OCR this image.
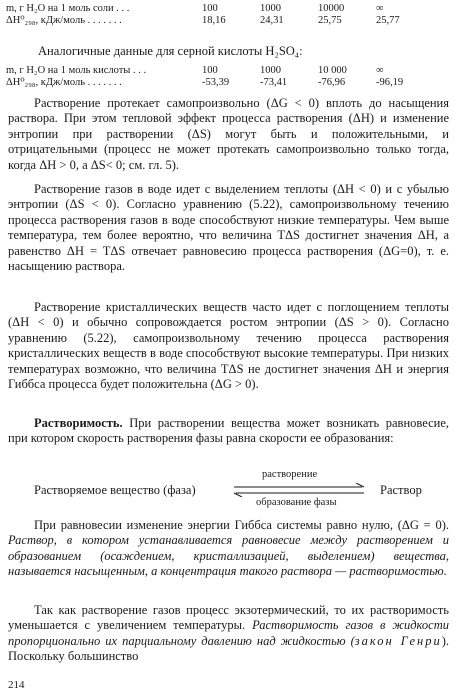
m, г H₂O на 1 моль соли . . .	100	1000	10000	∞
ΔH⁰₂₉₈, кДж/моль . . . . . . .	18,16	24,31	25,75	25,77
Аналогичные данные для серной кислоты H₂SO₄:
m, г H₂O на 1 моль кислоты . . .	100	1000	10 000	∞
ΔH⁰₂₉₈, кДж/моль . . . . . . .	-53,39	-73,41	-76,96	-96,19

Растворение протекает самопроизвольно (ΔG < 0) вплоть до насыщения раствора. При этом тепловой эффект процесса растворения (ΔH) и изменение энтропии при растворении (ΔS) могут быть и положительными, и отрицательными (процесс не может протекать самопроизвольно только тогда, когда ΔH > 0, а ΔS< 0; см. гл. 5).

Растворение газов в воде идет с выделением теплоты (ΔH < 0) и с убылью энтропии (ΔS < 0). Согласно уравнению (5.22), самопроизвольному течению процесса растворения газов в воде способствуют низкие температуры. Чем выше температура, тем более вероятно, что величина TΔS достигнет значения ΔH, а равенство ΔH = TΔS отвечает равновесию процесса растворения (ΔG=0), т. е. насыщению раствора.

Растворение кристаллических веществ часто идет с поглощением теплоты (ΔH < 0) и обычно сопровождается ростом энтропии (ΔS > 0). Согласно уравнению (5.22), самопроизвольному течению процесса растворения кристаллических веществ в воде способствуют высокие температуры. При низких температурах возможно, что величина TΔS не достигнет значения ΔH и энергия Гиббса процесса будет положительна (ΔG > 0).

Растворимость. При растворении вещества может возникать равновесие, при котором скорость растворения фазы равна скорости ее образования:

Растворяемое вещество (фаза)
растворение
образование фазы
Раствор

При равновесии изменение энергии Гиббса системы равно нулю, (ΔG = 0). Раствор, в котором устанавливается равновесие между растворением и образованием (осаждением, кристаллизацией, выделением) вещества, называется насыщенным, а концентрация такого раствора — растворимостью.

Так как растворение газов процесс экзотермический, то их растворимость уменьшается с увеличением температуры. Растворимость газов в жидкости пропорционально их парциальному давлению над жидкостью (закон Генри). Поскольку большинство

214
